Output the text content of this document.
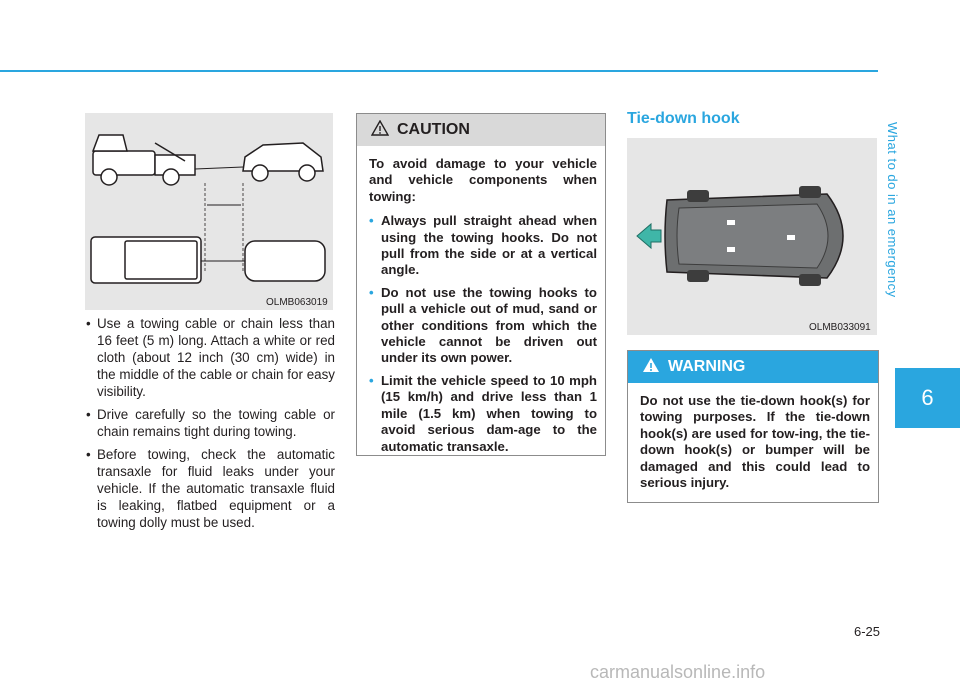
What to do in an emergency
6
OLMB063019
• Use a towing cable or chain less than 16 feet (5 m) long. Attach a white or red cloth (about 12 inch (30 cm) wide) in the middle of the cable or chain for easy visibility.
• Drive carefully so the towing cable or chain remains tight during towing.
• Before towing, check the automatic transaxle for fluid leaks under your vehicle. If the automatic transaxle fluid is leaking, flatbed equipment or a towing dolly must be used.
CAUTION

To avoid damage to your vehicle and vehicle components when towing:

• Always pull straight ahead when using the towing hooks. Do not pull from the side or at a vertical angle.
• Do not use the towing hooks to pull a vehicle out of mud, sand or other conditions from which the vehicle cannot be driven out under its own power.
• Limit the vehicle speed to 10 mph (15 km/h) and drive less than 1 mile (1.5 km) when towing to avoid serious dam-age to the automatic transaxle.
Tie-down hook
OLMB033091
WARNING

Do not use the tie-down hook(s) for towing purposes. If the tie-down hook(s) are used for tow-ing, the tie-down hook(s) or bumper will be damaged and this could lead to serious injury.

6-25
carmanualsonline.info
